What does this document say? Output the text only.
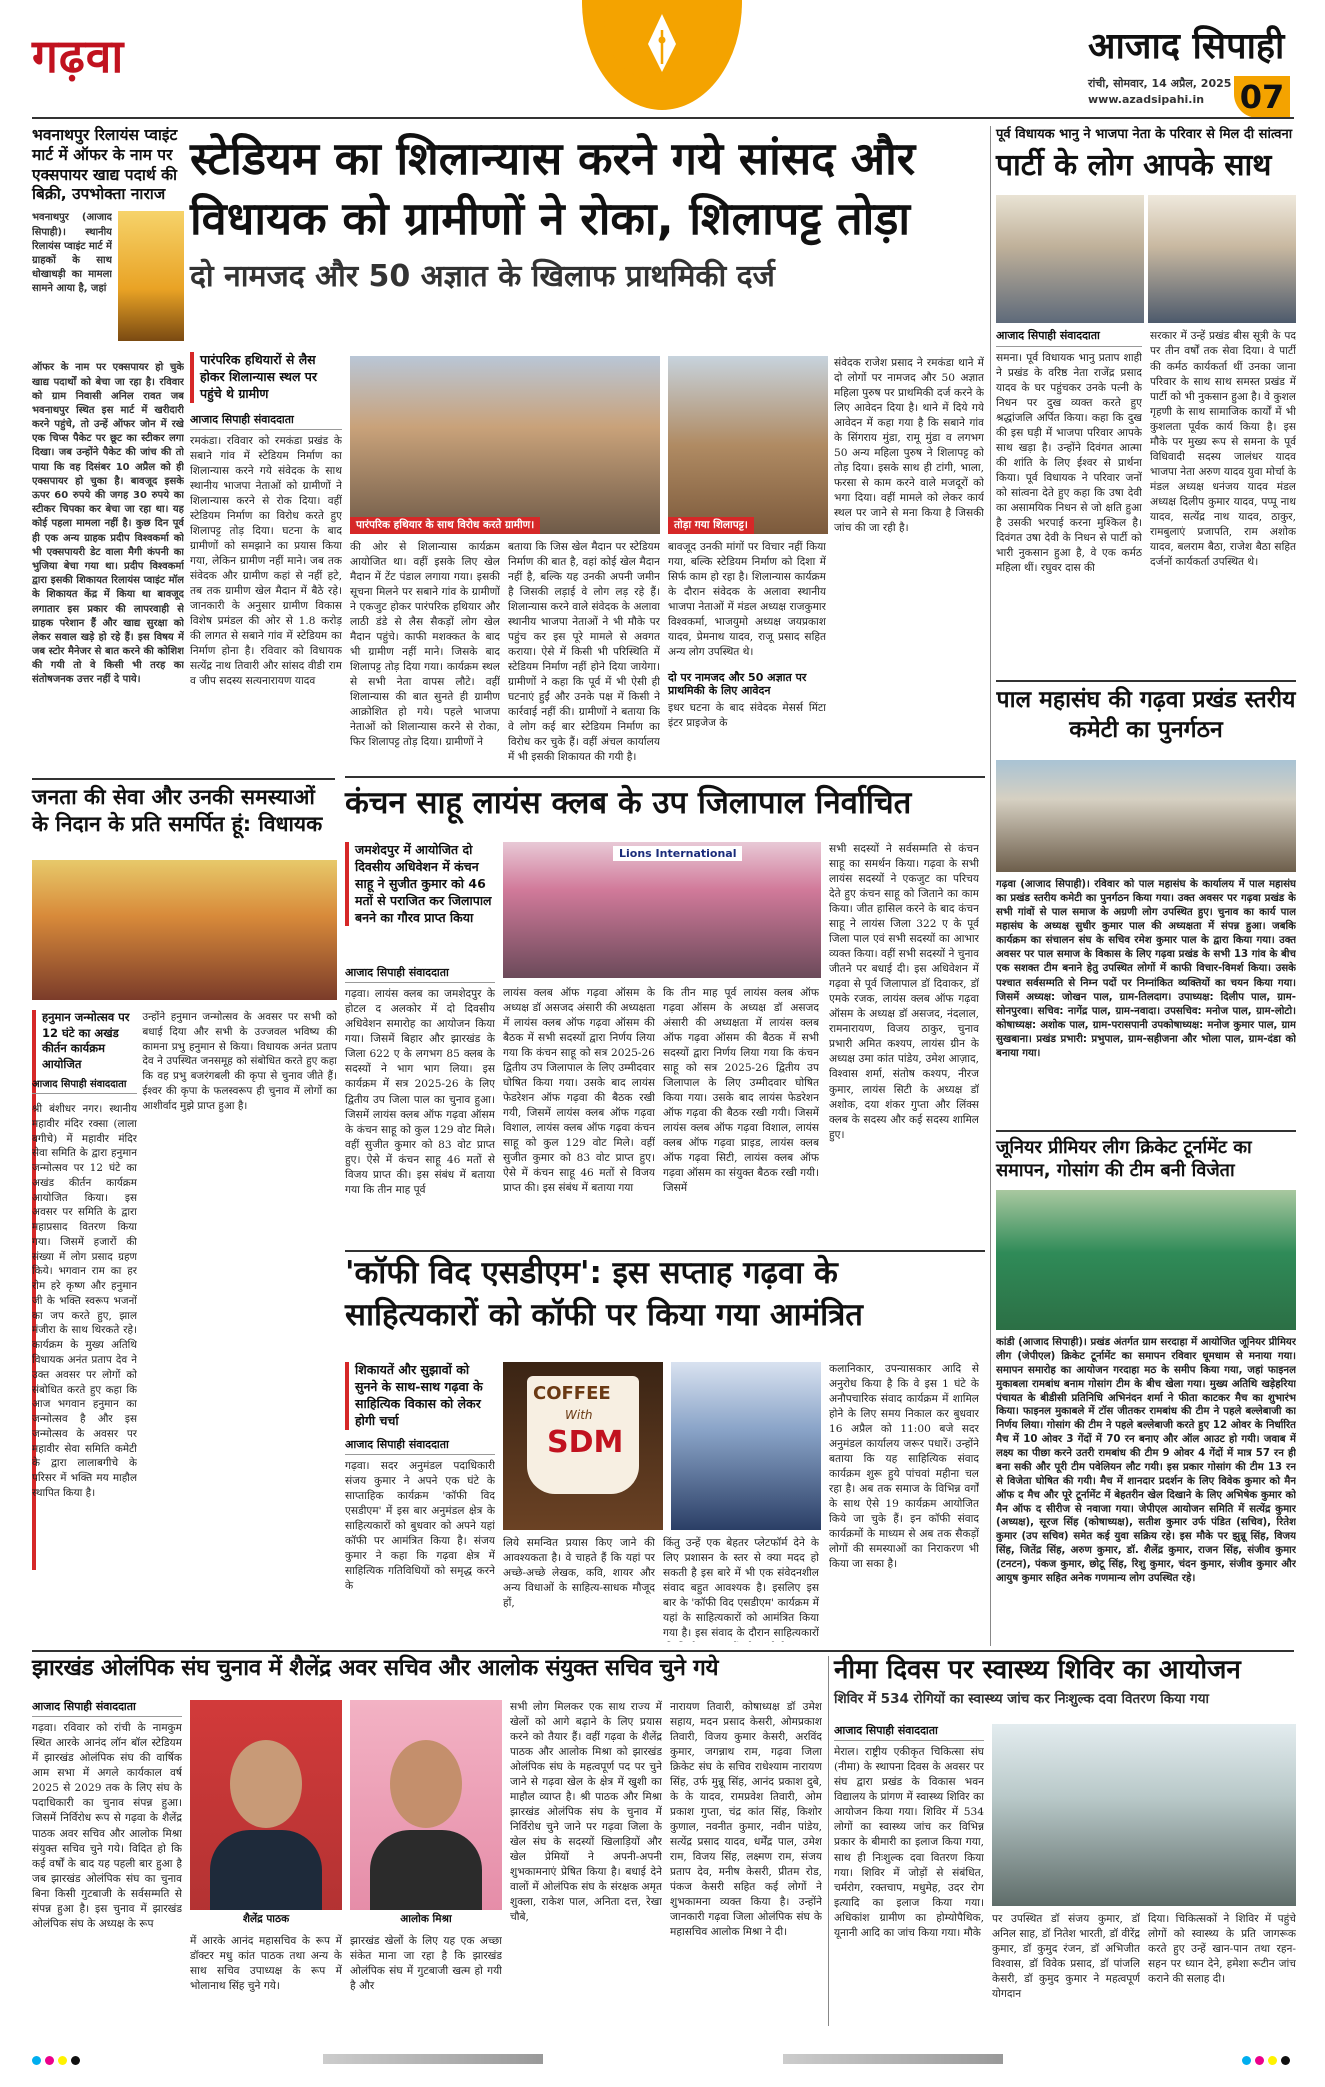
गढ़वा	आजाद सिपाही
रांची, सोमवार, 14 अप्रैल, 2025
www.azadsipahi.in 07
भवनाथपुर रिलायंस प्वाइंट मार्ट में ऑफर के नाम पर एक्सपायर खाद्य पदार्थ की बिक्री, उपभोक्ता नाराज
भवनाथपुर (आजाद सिपाही)। स्थानीय रिलायंस प्वाइंट मार्ट में ग्राहकों के साथ धोखाधड़ी का मामला सामने आया है, जहां
ऑफर के नाम पर एक्सपायर हो चुके खाद्य पदार्थों को बेचा जा रहा है। रविवार को ग्राम निवासी अनिल रावत जब भवनाथपुर स्थित इस मार्ट में खरीदारी करने पहुंचे, तो उन्हें ऑफर जोन में रखे एक चिप्स पैकेट पर छूट का स्टीकर लगा दिखा। जब उन्होंने पैकेट की जांच की तो पाया कि वह दिसंबर 10 अप्रैल को ही एक्सपायर हो चुका है। बावजूद इसके ऊपर 60 रुपये की जगह 30 रुपये का स्टीकर चिपका कर बेचा जा रहा था। यह कोई पहला मामला नहीं है। कुछ दिन पूर्व ही एक अन्य ग्राहक प्रदीप विश्वकर्मा को भी एक्सपायरी डेट वाला मैगी कंपनी का भुजिया बेचा गया था। प्रदीप विश्वकर्मा द्वारा इसकी शिकायत रिलायंस प्वाइंट मॉल के शिकायत केंद्र में किया था बावजूद लगातार इस प्रकार की लापरवाही से ग्राहक परेशान हैं और खाद्य सुरक्षा को लेकर सवाल खड़े हो रहे हैं। इस विषय में जब स्टोर मैनेजर से बात करने की कोशिश की गयी तो वे किसी भी तरह का संतोषजनक उत्तर नहीं दे पाये।
जनता की सेवा और उनकी समस्याओं के निदान के प्रति समर्पित हूं: विधायक
हनुमान जन्मोत्सव पर 12 घंटे का अखंड कीर्तन कार्यक्रम आयोजित
उन्होंने हनुमान जन्मोत्सव के अवसर पर सभी को बधाई दिया और सभी के उज्जवल भविष्य की कामना प्रभु हनुमान से किया। विधायक अनंत प्रताप देव ने उपस्थित जनसमूह को संबोधित करते हुए कहा कि वह प्रभु बजरंगबली की कृपा से चुनाव जीते हैं। ईश्वर की कृपा के फलस्वरूप ही चुनाव में लोगों का आशीर्वाद मुझे प्राप्त हुआ है।
आजाद सिपाही संवाददाता
श्री बंशीधर नगर। स्थानीय महावीर मंदिर रक्सा (लाला बगीचे) में महावीर मंदिर सेवा समिति के द्वारा हनुमान जन्मोत्सव पर 12 घंटे का अखंड कीर्तन कार्यक्रम आयोजित किया। इस अवसर पर समिति के द्वारा महाप्रसाद वितरण किया गया। जिसमें हजारों की संख्या में लोग प्रसाद ग्रहण किये। भगवान राम का हर रोम हरे कृष्ण और हनुमान जी के भक्ति स्वरूप भजनों का जप करते हुए, झाल मंजीरा के साथ थिरकते रहे। कार्यक्रम के मुख्य अतिथि विधायक अनंत प्रताप देव ने उक्त अवसर पर लोगों को संबोधित करते हुए कहा कि आज भगवान हनुमान का जन्मोत्सव है और इस जन्मोत्सव के अवसर पर महावीर सेवा समिति कमेटी के द्वारा लालाबगीचे के परिसर में भक्ति मय माहौल स्थापित किया है।
स्टेडियम का शिलान्यास करने गये सांसद और
विधायक को ग्रामीणों ने रोका, शिलापट्ट तोड़ा
दो नामजद और 50 अज्ञात के खिलाफ प्राथमिकी दर्ज
पारंपरिक हथियारों से लैस होकर शिलान्यास स्थल पर पहुंचे थे ग्रामीण
आजाद सिपाही संवाददाता
रमकंडा। रविवार को रमकंडा प्रखंड के सबाने गांव में स्टेडियम निर्माण का शिलान्यास करने गये संवेदक के साथ स्थानीय भाजपा नेताओं को ग्रामीणों ने शिलान्यास करने से रोक दिया। वहीं स्टेडियम निर्माण का विरोध करते हुए शिलापट्ट तोड़ दिया। घटना के बाद ग्रामीणों को समझाने का प्रयास किया गया, लेकिन ग्रामीण नहीं माने। जब तक संवेदक और ग्रामीण कहां से नहीं हटे, तब तक ग्रामीण खेल मैदान में बैठे रहे। जानकारी के अनुसार ग्रामीण विकास विशेष प्रमंडल की ओर से 1.8 करोड़ की लागत से सबाने गांव में स्टेडियम का निर्माण होना है। रविवार को विधायक सत्येंद्र नाथ तिवारी और सांसद वीडी राम व जीप सदस्य सत्यनारायण यादव
पारंपरिक हथियार के साथ विरोध करते ग्रामीण।	तोड़ा गया शिलापट्ट।
की ओर से शिलान्यास कार्यक्रम आयोजित था। वहीं इसके लिए खेल मैदान में टेंट पंडाल लगाया गया। इसकी सूचना मिलने पर सबाने गांव के ग्रामीणों ने एकजुट होकर पारंपरिक हथियार और लाठी डंडे से लैस सैकड़ों लोग खेल मैदान पहुंचे। काफी मशक्कत के बाद भी ग्रामीण नहीं माने। जिसके बाद शिलापट्ट तोड़ दिया गया। कार्यक्रम स्थल से सभी नेता वापस लौटे। वहीं शिलान्यास की बात सुनते ही ग्रामीण आक्रोशित हो गये। पहले भाजपा नेताओं को शिलान्यास करने से रोका, फिर शिलापट्ट तोड़ दिया। ग्रामीणों ने
बताया कि जिस खेल मैदान पर स्टेडियम निर्माण की बात है, वहां कोई खेल मैदान नहीं है, बल्कि यह उनकी अपनी जमीन है जिसकी लड़ाई वे लोग लड़ रहे हैं। शिलान्यास करने वाले संवेदक के अलावा स्थानीय भाजपा नेताओं ने भी मौके पर पहुंच कर इस पूरे मामले से अवगत कराया। ऐसे में किसी भी परिस्थिति में स्टेडियम निर्माण नहीं होने दिया जायेगा। ग्रामीणों ने कहा कि पूर्व में भी ऐसी ही घटनाएं हुईं और उनके पक्ष में किसी ने कार्रवाई नहीं की। ग्रामीणों ने बताया कि वे लोग कई बार स्टेडियम निर्माण का विरोध कर चुके हैं। वहीं अंचल कार्यालय में भी इसकी शिकायत की गयी है।
बावजूद उनकी मांगों पर विचार नहीं किया गया, बल्कि स्टेडियम निर्माण को दिशा में सिर्फ काम हो रहा है। शिलान्यास कार्यक्रम के दौरान संवेदक के अलावा स्थानीय भाजपा नेताओं में मंडल अध्यक्ष राजकुमार विश्वकर्मा, भाजयुमो अध्यक्ष जयप्रकाश यादव, प्रेमनाथ यादव, राजू प्रसाद सहित अन्य लोग उपस्थित थे।
दो पर नामजद और 50 अज्ञात पर प्राथमिकी के लिए आवेदन
इधर घटना के बाद संवेदक मेसर्स मिंटा इंटर प्राइजेज के
संवेदक राजेश प्रसाद ने रमकंडा थाने में दो लोगों पर नामजद और 50 अज्ञात महिला पुरुष पर प्राथमिकी दर्ज करने के लिए आवेदन दिया है। थाने में दिये गये आवेदन में कहा गया है कि सबाने गांव के सिंगराय मुंडा, रामू मुंडा व लगभग 50 अन्य महिला पुरुष ने शिलापट्ट को तोड़ दिया। इसके साथ ही टांगी, भाला, फरसा से काम करने वाले मजदूरों को भगा दिया। वहीं मामले को लेकर कार्य स्थल पर जाने से मना किया है जिसकी जांच की जा रही है।
पूर्व विधायक भानु ने भाजपा नेता के परिवार से मिल दी सांत्वना
पार्टी के लोग आपके साथ
आजाद सिपाही संवाददाता
समना। पूर्व विधायक भानु प्रताप शाही ने प्रखंड के वरिष्ठ नेता राजेंद्र प्रसाद यादव के घर पहुंचकर उनके पत्नी के निधन पर दुख व्यक्त करते हुए श्रद्धांजलि अर्पित किया। कहा कि दुख की इस घड़ी में भाजपा परिवार आपके साथ खड़ा है। उन्होंने दिवंगत आत्मा की शांति के लिए ईश्वर से प्रार्थना किया। पूर्व विधायक ने परिवार जनों को सांत्वना देते हुए कहा कि उषा देवी का असामयिक निधन से जो क्षति हुआ है उसकी भरपाई करना मुश्किल है। दिवंगत उषा देवी के निधन से पार्टी को भारी नुकसान हुआ है, वे एक कर्मठ महिला थीं। रघुवर दास की
सरकार में उन्हें प्रखंड बीस सूत्री के पद पर तीन वर्षों तक सेवा दिया। वे पार्टी की कर्मठ कार्यकर्ता थीं उनका जाना परिवार के साथ साथ समस्त प्रखंड में पार्टी को भी नुकसान हुआ है। वे कुशल गृहणी के साथ सामाजिक कार्यों में भी कुशलता पूर्वक कार्य किया है। इस मौके पर मुख्य रूप से समना के पूर्व विधिवादी सदस्य जालंधर यादव भाजपा नेता अरुण यादव युवा मोर्चा के मंडल अध्यक्ष धनंजय यादव मंडल अध्यक्ष दिलीप कुमार यादव, पप्पू नाथ यादव, सत्येंद्र नाथ यादव, ठाकुर, रामबुलाएं प्रजापति, राम अशोक यादव, बलराम बैठा, राजेश बैठा सहित दर्जनों कार्यकर्ता उपस्थित थे।
पाल महासंघ की गढ़वा प्रखंड स्तरीय कमेटी का पुनर्गठन
गढ़वा (आजाद सिपाही)। रविवार को पाल महासंघ के कार्यालय में पाल महासंघ का प्रखंड स्तरीय कमेटी का पुनर्गठन किया गया। उक्त अवसर पर गढ़वा प्रखंड के सभी गांवों से पाल समाज के अग्रणी लोग उपस्थित हुए। चुनाव का कार्य पाल महासंघ के अध्यक्ष सुधीर कुमार पाल की अध्यक्षता में संपन्न हुआ। जबकि कार्यक्रम का संचालन संघ के सचिव रमेश कुमार पाल के द्वारा किया गया। उक्त अवसर पर पाल समाज के विकास के लिए गढ़वा प्रखंड के सभी 13 गांव के बीच एक सशक्त टीम बनाने हेतु उपस्थित लोगों में काफी विचार-विमर्श किया। उसके पश्चात सर्वसम्मति से निम्न पदों पर निम्नांकित व्यक्तियों का चयन किया गया। जिसमें अध्यक्ष: जोखन पाल, ग्राम-तिलदाग। उपाध्यक्ष: दिलीप पाल, ग्राम-सोनपुरवा। सचिव: नागेंद्र पाल, ग्राम-नवादा। उपसचिव: मनोज पाल, ग्राम-लोटो। कोषाध्यक्ष: अशोक पाल, ग्राम-परासपानी उपकोषाध्यक्ष: मनोज कुमार पाल, ग्राम सुखबाना। प्रखंड प्रभारी: प्रभुपाल, ग्राम-सहीजना और भोला पाल, ग्राम-दंडा को बनाया गया।
जूनियर प्रीमियर लीग क्रिकेट टूर्नामेंट का समापन, गोसांग की टीम बनी विजेता
कांडी (आजाद सिपाही)। प्रखंड अंतर्गत ग्राम सरदाहा में आयोजित जूनियर प्रीमियर लीग (जेपीएल) क्रिकेट टूर्नामेंट का समापन रविवार धूमधाम से मनाया गया। समापन समारोह का आयोजन गरदाहा मठ के समीप किया गया, जहां फाइनल मुकाबला रामबांध बनाम गोसांग टीम के बीच खेला गया। मुख्य अतिथि खड़ेहरिया पंचायत के बीडीसी प्रतिनिधि अभिनंदन शर्मा ने फीता काटकर मैच का शुभारंभ किया। फाइनल मुकाबले में टॉस जीतकर रामबांध की टीम ने पहले बल्लेबाजी का निर्णय लिया। गोसांग की टीम ने पहले बल्लेबाजी करते हुए 12 ओवर के निर्धारित मैच में 10 ओवर 3 गेंदों में 70 रन बनाए और ऑल आउट हो गयी। जवाब में लक्ष्य का पीछा करने उतरी रामबांध की टीम 9 ओवर 4 गेंदों में मात्र 57 रन ही बना सकी और पूरी टीम पवेलियन लौट गयी। इस प्रकार गोसांग की टीम 13 रन से विजेता घोषित की गयी। मैच में शानदार प्रदर्शन के लिए विवेक कुमार को मैन ऑफ द मैच और पूरे टूर्नामेंट में बेहतरीन खेल दिखाने के लिए अभिषेक कुमार को मैन ऑफ द सीरीज से नवाजा गया। जेपीएल आयोजन समिति में सत्येंद्र कुमार (अध्यक्ष), सूरज सिंह (कोषाध्यक्ष), सतीश कुमार उर्फ पंडित (सचिव), रितेश कुमार (उप सचिव) समेत कई युवा सक्रिय रहे। इस मौके पर झुन्नू सिंह, विजय सिंह, जितेंद्र सिंह, अरुण कुमार, डॉ. शैलेंद्र कुमार, राजन सिंह, संजीव कुमार (टनटन), पंकज कुमार, छोटू सिंह, रिशु कुमार, चंदन कुमार, संजीव कुमार और आयुष कुमार सहित अनेक गणमान्य लोग उपस्थित रहे।
कंचन साहू लायंस क्लब के उप जिलापाल निर्वाचित
जमशेदपुर में आयोजित दो दिवसीय अधिवेशन में कंचन साहू ने सुजीत कुमार को 46 मतों से पराजित कर जिलापाल बनने का गौरव प्राप्त किया
Lions International
आजाद सिपाही संवाददाता
गढ़वा। लायंस क्लब का जमशेदपुर के होटल द अलकोर में दो दिवसीय अधिवेशन समारोह का आयोजन किया गया। जिसमें बिहार और झारखंड के जिला 622 ए के लगभग 85 क्लब के सदस्यों ने भाग भाग लिया। इस कार्यक्रम में सत्र 2025-26 के लिए द्वितीय उप जिला पाल का चुनाव हुआ। जिसमें लायंस क्लब ऑफ गढ़वा ऑसम के कंचन साहू को कुल 129 वोट मिले। वहीं सुजीत कुमार को 83 वोट प्राप्त हुए। ऐसे में कंचन साहू 46 मतों से विजय प्राप्त की। इस संबंध में बताया गया कि तीन माह पूर्व
लायंस क्लब ऑफ गढ़वा ऑसम के अध्यक्ष डॉ असजद अंसारी की अध्यक्षता में लायंस क्लब ऑफ गढ़वा ऑसम की बैठक में सभी सदस्यों द्वारा निर्णय लिया गया कि कंचन साहू को सत्र 2025-26 द्वितीय उप जिलापाल के लिए उम्मीदवार घोषित किया गया। उसके बाद लायंस फेडरेशन ऑफ गढ़वा की बैठक रखी गयी, जिसमें लायंस क्लब ऑफ गढ़वा विशाल, लायंस क्लब ऑफ गढ़वा कंचन साहू को कुल 129 वोट मिले। वहीं सुजीत कुमार को 83 वोट प्राप्त हुए। ऐसे में कंचन साहू 46 मतों से विजय प्राप्त की। इस संबंध में बताया गया
कि तीन माह पूर्व लायंस क्लब ऑफ गढ़वा ऑसम के अध्यक्ष डॉ असजद अंसारी की अध्यक्षता में लायंस क्लब ऑफ गढ़वा ऑसम की बैठक में सभी सदस्यों द्वारा निर्णय लिया गया कि कंचन साहू को सत्र 2025-26 द्वितीय उप जिलापाल के लिए उम्मीदवार घोषित किया गया। उसके बाद लायंस फेडरेशन ऑफ गढ़वा की बैठक रखी गयी। जिसमें लायंस क्लब ऑफ गढ़वा विशाल, लायंस क्लब ऑफ गढ़वा प्राइड, लायंस क्लब ऑफ गढ़वा सिटी, लायंस क्लब ऑफ गढ़वा ऑसम का संयुक्त बैठक रखी गयी। जिसमें
सभी सदस्यों ने सर्वसम्मति से कंचन साहू का समर्थन किया। गढ़वा के सभी लायंस सदस्यों ने एकजुट का परिचय देते हुए कंचन साहू को जिताने का काम किया। जीत हासिल करने के बाद कंचन साहू ने लायंस जिला 322 ए के पूर्व जिला पाल एवं सभी सदस्यों का आभार व्यक्त किया। वहीं सभी सदस्यों ने चुनाव जीतने पर बधाई दी। इस अधिवेशन में गढ़वा से पूर्व जिलापाल डॉ दिवाकर, डॉ एमके रजक, लायंस क्लब ऑफ गढ़वा ऑसम के अध्यक्ष डॉ असजद, नंदलाल, रामनारायण, विजय ठाकुर, चुनाव प्रभारी अमित कश्यप, लायंस ग्रीन के अध्यक्ष उमा कांत पांडेय, उमेश आज़ाद, विश्वास शर्मा, संतोष कश्यप, नीरज कुमार, लायंस सिटी के अध्यक्ष डॉ अशोक, दया शंकर गुप्ता और लिंक्स क्लब के सदस्य और कई सदस्य शामिल हुए।
'कॉफी विद एसडीएम': इस सप्ताह गढ़वा के
साहित्यकारों को कॉफी पर किया गया आमंत्रित
शिकायतें और सुझावों को सुनने के साथ-साथ गढ़वा के साहित्यिक विकास को लेकर होगी चर्चा
आजाद सिपाही संवाददाता
गढ़वा। सदर अनुमंडल पदाधिकारी संजय कुमार ने अपने एक घंटे के साप्ताहिक कार्यक्रम 'कॉफी विद एसडीएम' में इस बार अनुमंडल क्षेत्र के साहित्यकारों को बुधवार को अपने यहां कॉफी पर आमंत्रित किया है। संजय कुमार ने कहा कि गढ़वा क्षेत्र में साहित्यिक गतिविधियों को समृद्ध करने के
COFFEE
With
SDM
लिये समन्वित प्रयास किए जाने की आवश्यकता है। वे चाहते हैं कि यहां पर अच्छे-अच्छे लेखक, कवि, शायर और अन्य विधाओं के साहित्य-साधक मौजूद हों,
किंतु उन्हें एक बेहतर प्लेटफॉर्म देने के लिए प्रशासन के स्तर से क्या मदद हो सकती है इस बारे में भी एक संवेदनशील संवाद बहुत आवश्यक है। इसलिए इस बार के 'कॉफी विद एसडीएम' कार्यक्रम में यहां के साहित्यकारों को आमंत्रित किया गया है। इस संवाद के दौरान साहित्यकारों
कलानिकार, उपन्यासकार आदि से अनुरोध किया है कि वे इस 1 घंटे के अनौपचारिक संवाद कार्यक्रम में शामिल होने के लिए समय निकाल कर बुधवार 16 अप्रैल को 11:00 बजे सदर अनुमंडल कार्यालय जरूर पधारें। उन्होंने बताया कि यह साहित्यिक संवाद कार्यक्रम शुरू हुये पांचवां महीना चल रहा है। अब तक समाज के विभिन्न वर्गों के साथ ऐसे 19 कार्यक्रम आयोजित किये जा चुके हैं। इन कॉफी संवाद कार्यक्रमों के माध्यम से अब तक सैकड़ों लोगों की समस्याओं का निराकरण भी किया जा सका है।
झारखंड ओलंपिक संघ चुनाव में शैलेंद्र अवर सचिव और आलोक संयुक्त सचिव चुने गये
आजाद सिपाही संवाददाता
गढ़वा। रविवार को रांची के नामकुम स्थित आरके आनंद लॉन बॉल स्टेडियम में झारखंड ओलंपिक संघ की वार्षिक आम सभा में अगले कार्यकाल वर्ष 2025 से 2029 तक के लिए संघ के पदाधिकारी का चुनाव संपन्न हुआ। जिसमें निर्विरोध रूप से गढ़वा के शैलेंद्र पाठक अवर सचिव और आलोक मिश्रा संयुक्त सचिव चुने गये। विदित हो कि कई वर्षों के बाद यह पहली बार हुआ है जब झारखंड ओलंपिक संघ का चुनाव बिना किसी गुटबाजी के सर्वसम्मति से संपन्न हुआ है। इस चुनाव में झारखंड ओलंपिक संघ के अध्यक्ष के रूप	शैलेंद्र पाठक	आलोक मिश्रा
में आरके आनंद महासचिव के रूप में डॉक्टर मधु कांत पाठक तथा अन्य के साथ सचिव उपाध्यक्ष के रूप में भोलानाथ सिंह चुने गये।
झारखंड खेलों के लिए यह एक अच्छा संकेत माना जा रहा है कि झारखंड ओलंपिक संघ में गुटबाजी खत्म हो गयी है और
सभी लोग मिलकर एक साथ राज्य में खेलों को आगे बढ़ाने के लिए प्रयास करने को तैयार हैं। वहीं गढ़वा के शैलेंद्र पाठक और आलोक मिश्रा को झारखंड ओलंपिक संघ के महत्वपूर्ण पद पर चुने जाने से गढ़वा खेल के क्षेत्र में खुशी का माहौल व्याप्त है। श्री पाठक और मिश्रा झारखंड ओलंपिक संघ के चुनाव में निर्विरोध चुने जाने पर गढ़वा जिला के खेल संघ के सदस्यों खिलाड़ियों और खेल प्रेमियों ने अपनी-अपनी शुभकामनाएं प्रेषित किया है। बधाई देने वालों में ओलंपिक संघ के संरक्षक अमृत शुक्ला, राकेश पाल, अनिता दत्त, रेखा चौबे,
नारायण तिवारी, कोषाध्यक्ष डॉ उमेश सहाय, मदन प्रसाद केसरी, ओमप्रकाश तिवारी, विजय कुमार केसरी, अरविंद कुमार, जगन्नाथ राम, गढ़वा जिला क्रिकेट संघ के सचिव राधेश्याम नारायण सिंह, उर्फ मुन्नू सिंह, आनंद प्रकाश दुबे, के के यादव, रामप्रवेश तिवारी, ओम प्रकाश गुप्ता, चंद्र कांत सिंह, किशोर कुणाल, नवनीत कुमार, नवीन पांडेय, सत्येंद्र प्रसाद यादव, धर्मेंद्र पाल, उमेश राम, विजय सिंह, लक्ष्मण राम, संजय प्रताप देव, मनीष केसरी, प्रीतम रोड, पंकज केसरी सहित कई लोगों ने शुभकामना व्यक्त किया है। उन्होंने जानकारी गढ़वा जिला ओलंपिक संघ के महासचिव आलोक मिश्रा ने दी।
नीमा दिवस पर स्वास्थ्य शिविर का आयोजन
शिविर में 534 रोगियों का स्वास्थ्य जांच कर निःशुल्क दवा वितरण किया गया
आजाद सिपाही संवाददाता
मेराल। राष्ट्रीय एकीकृत चिकित्सा संघ (नीमा) के स्थापना दिवस के अवसर पर संघ द्वारा प्रखंड के विकास भवन विद्यालय के प्रांगण में स्वास्थ्य शिविर का आयोजन किया गया। शिविर में 534 लोगों का स्वास्थ्य जांच कर विभिन्न प्रकार के बीमारी का इलाज किया गया, साथ ही निःशुल्क दवा वितरण किया गया। शिविर में जोड़ों से संबंधित, चर्मरोग, रक्तचाप, मधुमेह, उदर रोग इत्यादि का इलाज किया गया। अधिकांश ग्रामीण का होम्योपैथिक, यूनानी आदि का जांच किया गया। मौके
पर उपस्थित डॉ संजय कुमार, डॉ अनिल साह, डॉ नितेश भारती, डॉ वीरेंद्र कुमार, डॉ कुमुद रंजन, डॉ अभिजीत विश्वास, डॉ विवेक प्रसाद, डॉ पांजलि केसरी, डॉ कुमुद कुमार ने महत्वपूर्ण योगदान
दिया। चिकित्सकों ने शिविर में पहुंचे लोगों को स्वास्थ्य के प्रति जागरूक करते हुए उन्हें खान-पान तथा रहन-सहन पर ध्यान देने, हमेशा रूटीन जांच कराने की सलाह दी।
